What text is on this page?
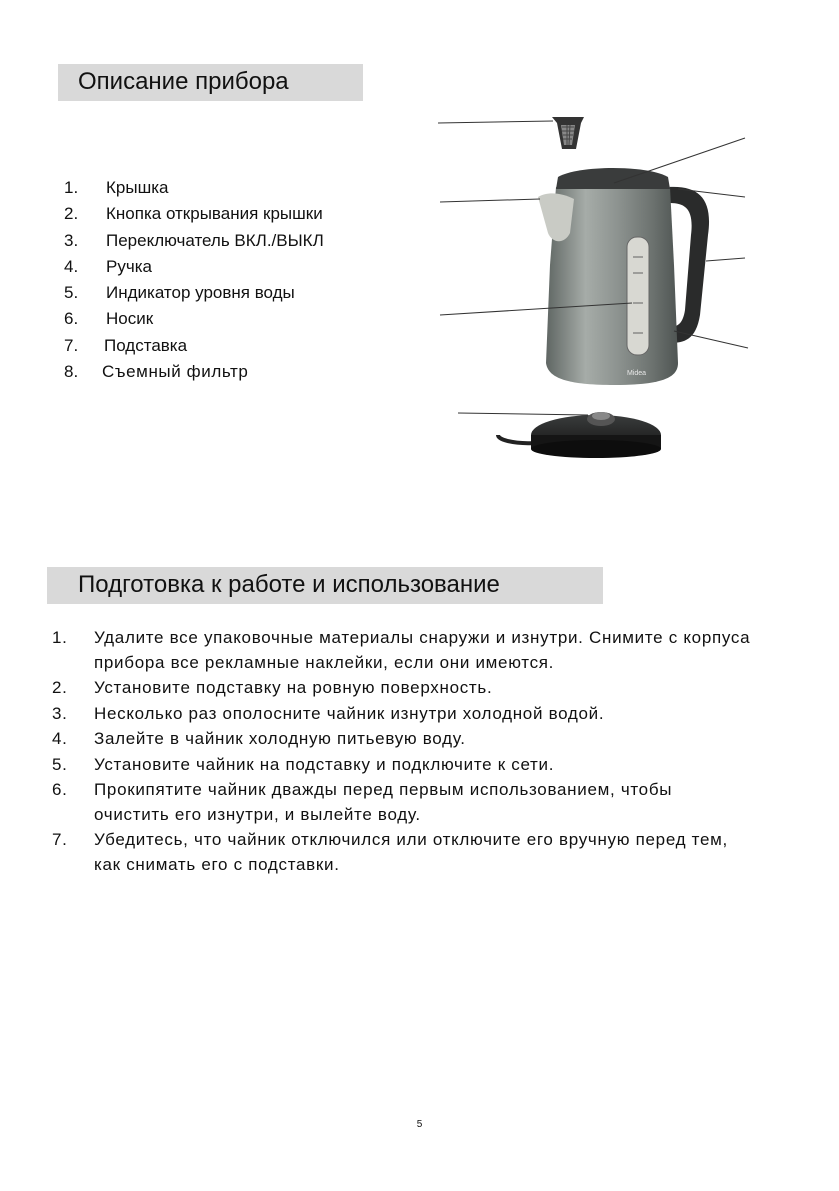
Описание прибора
1.	Крышка
2.	Кнопка открывания крышки
3.	Переключатель ВКЛ./ВЫКЛ
4.	Ручка
5.	Индикатор уровня воды
6.	Носик
7.	Подставка
8.	Съемный фильтр	Midea
Подготовка к работе и использование
1. Удалите все упаковочные материалы снаружи и изнутри. Снимите с корпуса прибора все рекламные наклейки, если они имеются.
2. Установите подставку на ровную поверхность.
3. Несколько раз ополосните чайник изнутри холодной водой.
4. Залейте в чайник холодную питьевую воду.
5. Установите чайник на подставку и подключите к сети.
6. Прокипятите чайник дважды перед первым использованием, чтобы очистить его изнутри, и вылейте воду.
7. Убедитесь, что чайник отключился или отключите его вручную перед тем, как снимать его с подставки.
5
